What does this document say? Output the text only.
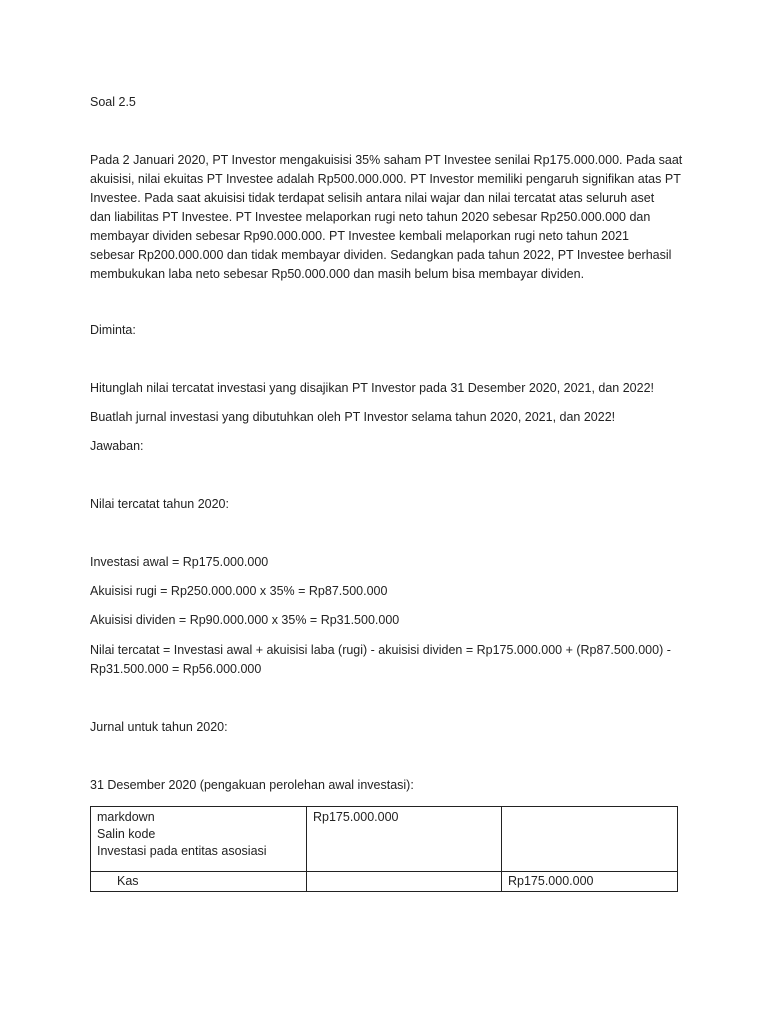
Soal 2.5
Pada 2 Januari 2020, PT Investor mengakuisisi 35% saham PT Investee senilai Rp175.000.000. Pada saat
akuisisi, nilai ekuitas PT Investee adalah Rp500.000.000. PT Investor memiliki pengaruh signifikan atas PT
Investee. Pada saat akuisisi tidak terdapat selisih antara nilai wajar dan nilai tercatat atas seluruh aset
dan liabilitas PT Investee. PT Investee melaporkan rugi neto tahun 2020 sebesar Rp250.000.000 dan
membayar dividen sebesar Rp90.000.000. PT Investee kembali melaporkan rugi neto tahun 2021
sebesar Rp200.000.000 dan tidak membayar dividen. Sedangkan pada tahun 2022, PT Investee berhasil
membukukan laba neto sebesar Rp50.000.000 dan masih belum bisa membayar dividen.
Diminta:
Hitunglah nilai tercatat investasi yang disajikan PT Investor pada 31 Desember 2020, 2021, dan 2022!
Buatlah jurnal investasi yang dibutuhkan oleh PT Investor selama tahun 2020, 2021, dan 2022!
Jawaban:
Nilai tercatat tahun 2020:
Investasi awal = Rp175.000.000
Akuisisi rugi = Rp250.000.000 x 35% = Rp87.500.000
Akuisisi dividen = Rp90.000.000 x 35% = Rp31.500.000
Nilai tercatat = Investasi awal + akuisisi laba (rugi) - akuisisi dividen = Rp175.000.000 + (Rp87.500.000) -
Rp31.500.000 = Rp56.000.000
Jurnal untuk tahun 2020:
31 Desember 2020 (pengakuan perolehan awal investasi):
markdown
Salin kode
Investasi pada entitas asosiasi	Rp175.000.000	
Kas		Rp175.000.000
